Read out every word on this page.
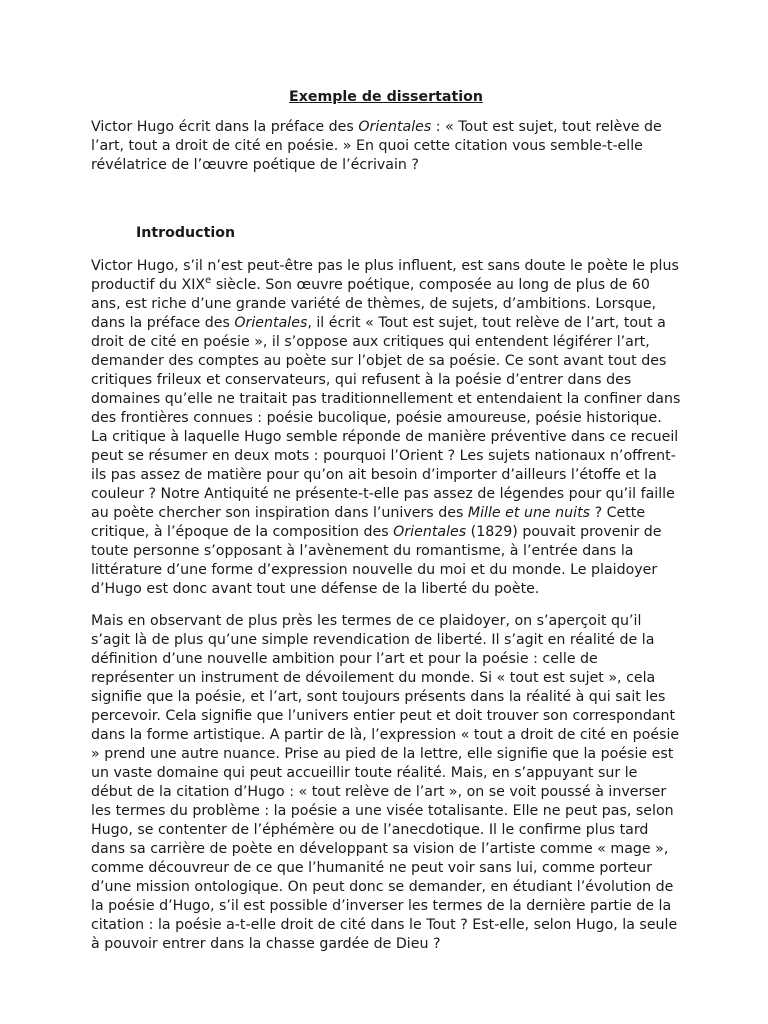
Exemple de dissertation

Victor Hugo écrit dans la préface des Orientales : « Tout est sujet, tout relève de l’art, tout a droit de cité en poésie. » En quoi cette citation vous semble-t-elle révélatrice de l’œuvre poétique de l’écrivain ?

Introduction

Victor Hugo, s’il n’est peut-être pas le plus influent, est sans doute le poète le plus productif du XIXe siècle. Son œuvre poétique, composée au long de plus de 60 ans, est riche d’une grande variété de thèmes, de sujets, d’ambitions. Lorsque, dans la préface des Orientales, il écrit « Tout est sujet, tout relève de l’art, tout a droit de cité en poésie », il s’oppose aux critiques qui entendent légiférer l’art, demander des comptes au poète sur l’objet de sa poésie. Ce sont avant tout des critiques frileux et conservateurs, qui refusent à la poésie d’entrer dans des domaines qu’elle ne traitait pas traditionnellement et entendaient la confiner dans des frontières connues : poésie bucolique, poésie amoureuse, poésie historique. La critique à laquelle Hugo semble réponde de manière préventive dans ce recueil peut se résumer en deux mots : pourquoi l’Orient ? Les sujets nationaux n’offrent-ils pas assez de matière pour qu’on ait besoin d’importer d’ailleurs l’étoffe et la couleur ? Notre Antiquité ne présente-t-elle pas assez de légendes pour qu’il faille au poète chercher son inspiration dans l’univers des Mille et une nuits ? Cette critique, à l’époque de la composition des Orientales (1829) pouvait provenir de toute personne s’opposant à l’avènement du romantisme, à l’entrée dans la littérature d’une forme d’expression nouvelle du moi et du monde. Le plaidoyer d’Hugo est donc avant tout une défense de la liberté du poète.

Mais en observant de plus près les termes de ce plaidoyer, on s’aperçoit qu’il s’agit là de plus qu’une simple revendication de liberté. Il s’agit en réalité de la définition d’une nouvelle ambition pour l’art et pour la poésie : celle de représenter un instrument de dévoilement du monde. Si « tout est sujet », cela signifie que la poésie, et l’art, sont toujours présents dans la réalité à qui sait les percevoir. Cela signifie que l’univers entier peut et doit trouver son correspondant dans la forme artistique. A partir de là, l’expression « tout a droit de cité en poésie » prend une autre nuance. Prise au pied de la lettre, elle signifie que la poésie est un vaste domaine qui peut accueillir toute réalité. Mais, en s’appuyant sur le début de la citation d’Hugo : « tout relève de l’art », on se voit poussé à inverser les termes du problème : la poésie a une visée totalisante. Elle ne peut pas, selon Hugo, se contenter de l’éphémère ou de l’anecdotique. Il le confirme plus tard dans sa carrière de poète en développant sa vision de l’artiste comme « mage », comme découvreur de ce que l’humanité ne peut voir sans lui, comme porteur d’une mission ontologique. On peut donc se demander, en étudiant l’évolution de la poésie d’Hugo, s’il est possible d’inverser les termes de la dernière partie de la citation : la poésie a-t-elle droit de cité dans le Tout ? Est-elle, selon Hugo, la seule à pouvoir entrer dans la chasse gardée de Dieu ?
